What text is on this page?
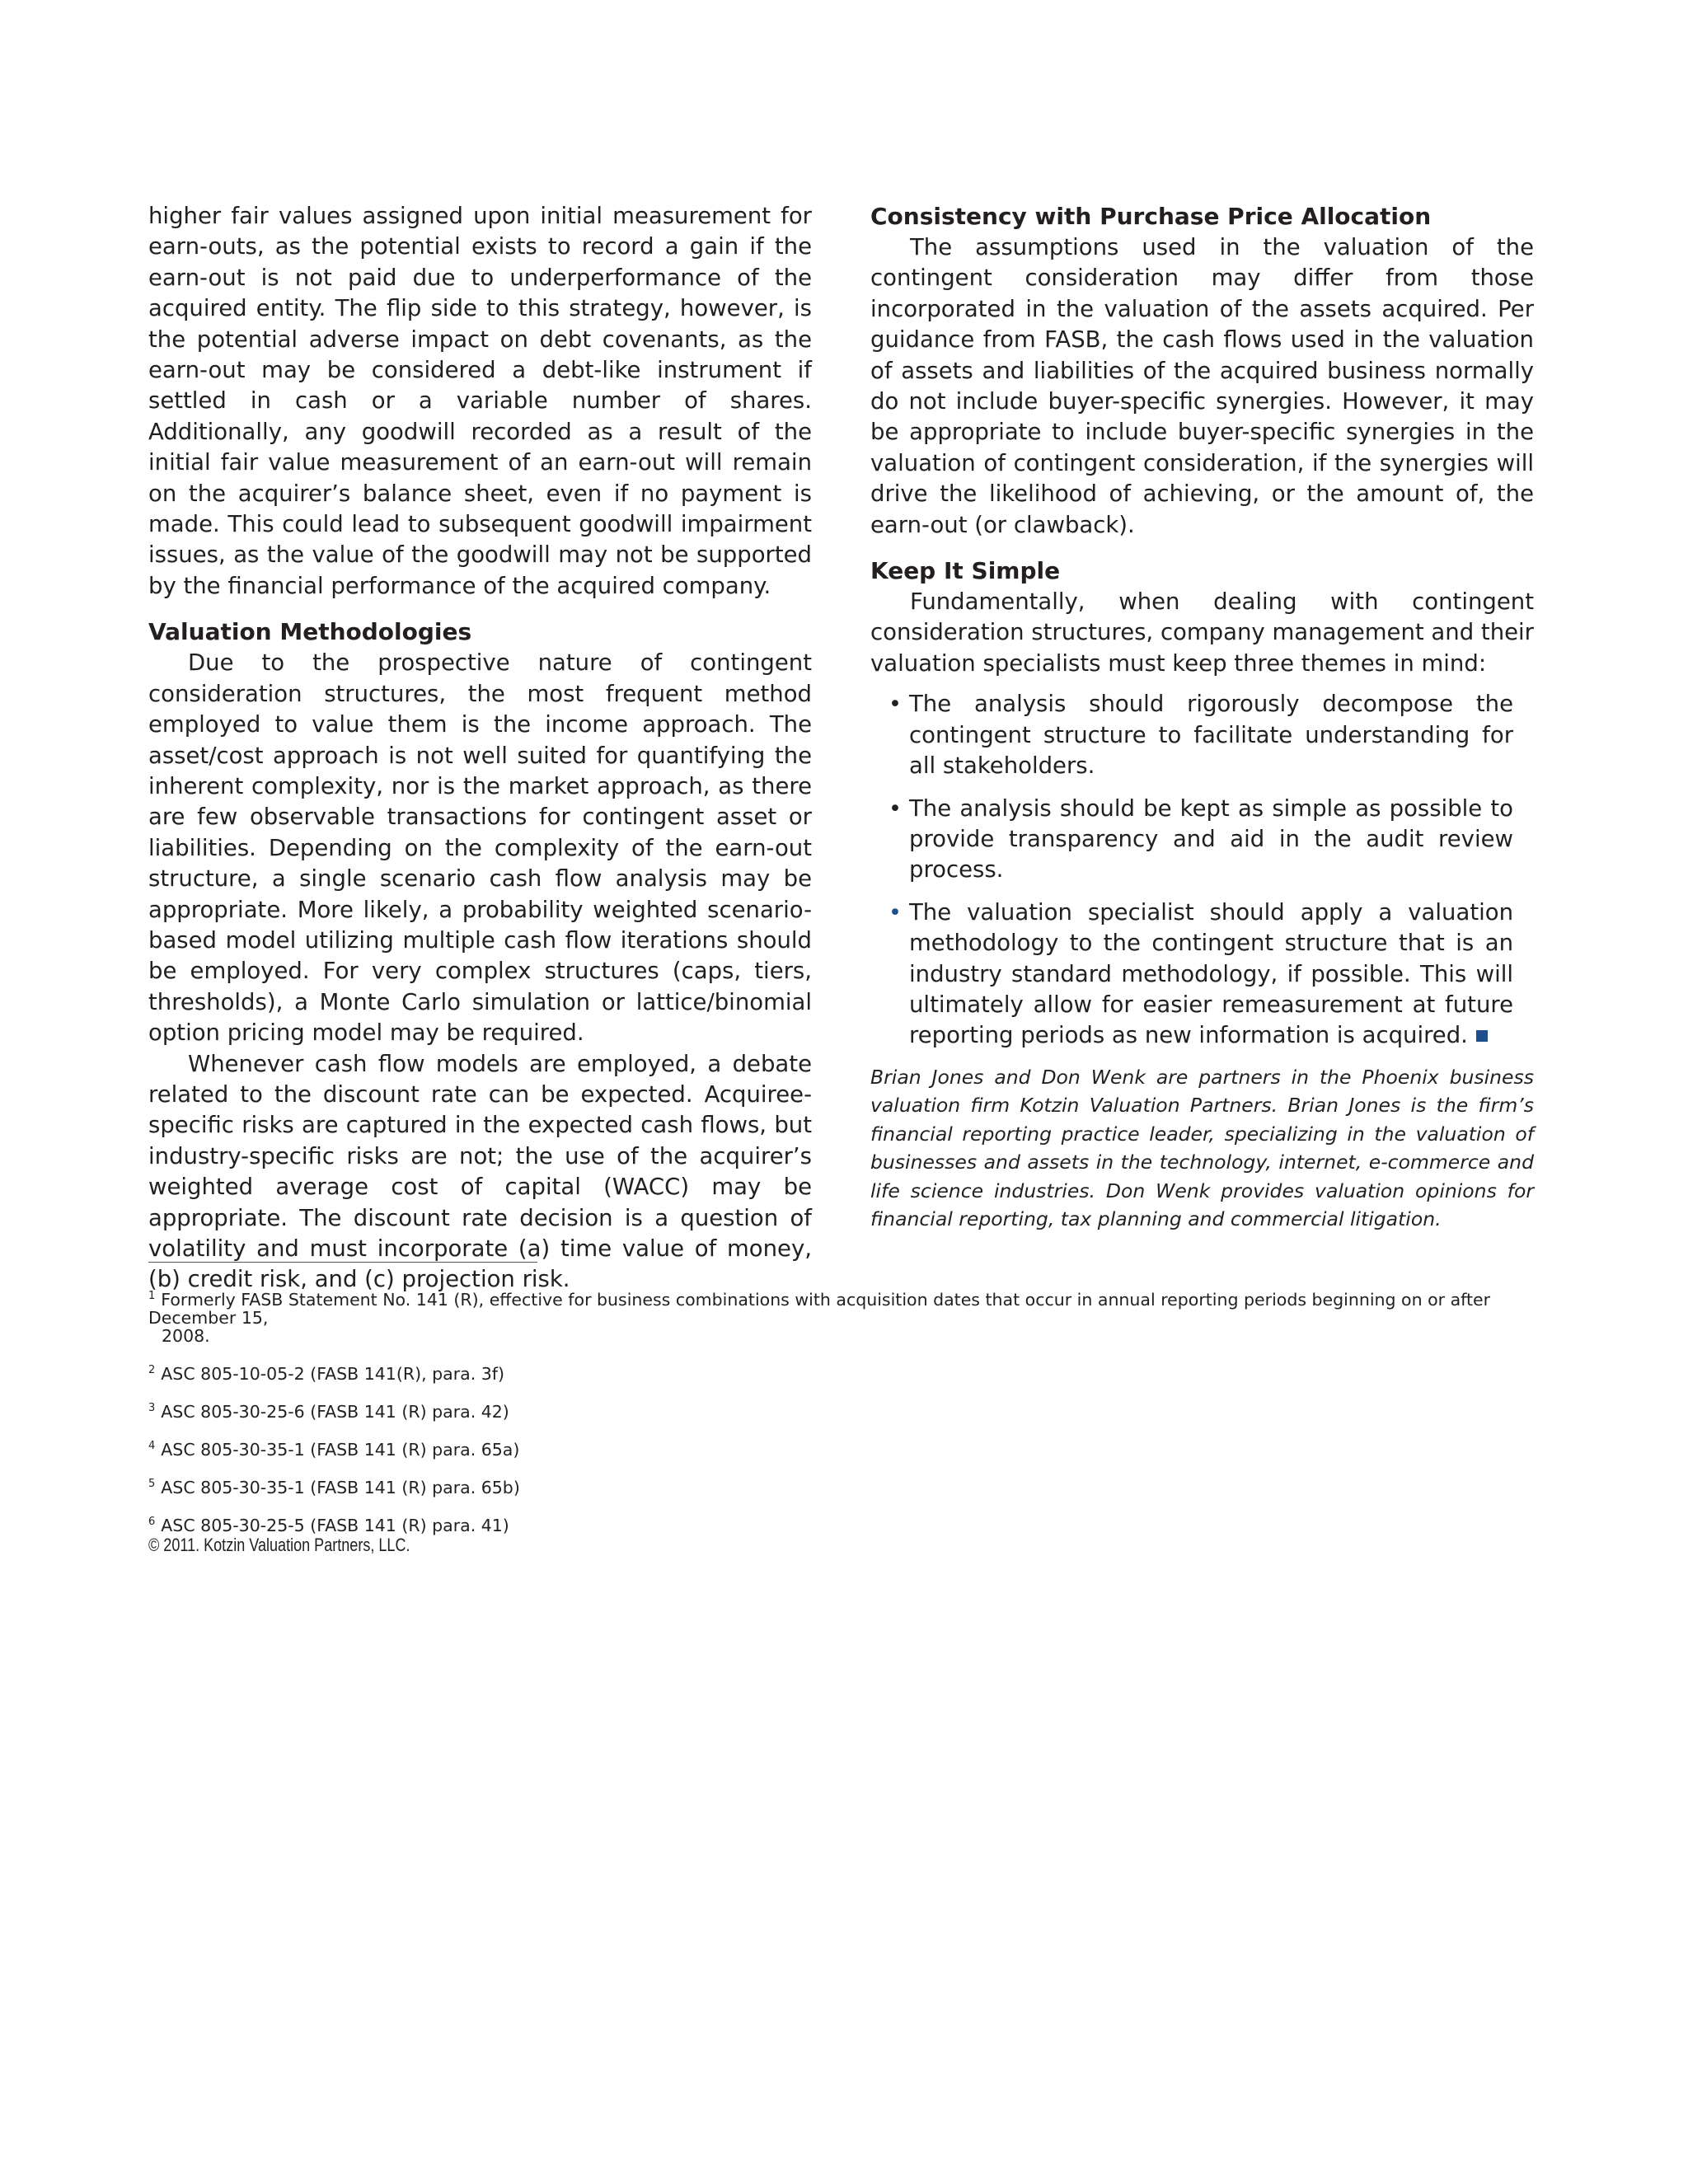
higher fair values assigned upon initial measurement for earn-outs, as the potential exists to record a gain if the earn-out is not paid due to underperformance of the acquired entity. The flip side to this strategy, however, is the potential adverse impact on debt covenants, as the earn-out may be considered a debt-like instrument if settled in cash or a variable number of shares. Additionally, any goodwill recorded as a result of the initial fair value measurement of an earn-out will remain on the acquirer’s balance sheet, even if no payment is made. This could lead to subsequent goodwill impairment issues, as the value of the goodwill may not be supported by the financial performance of the acquired company.

Valuation Methodologies

Due to the prospective nature of contingent consideration structures, the most frequent method employed to value them is the income approach. The asset/cost approach is not well suited for quantifying the inherent complexity, nor is the market approach, as there are few observable transactions for contingent asset or liabilities. Depending on the complexity of the earn-out structure, a single scenario cash flow analysis may be appropriate. More likely, a probability weighted scenario-based model utilizing multiple cash flow iterations should be employed. For very complex structures (caps, tiers, thresholds), a Monte Carlo simulation or lattice/binomial option pricing model may be required.

Whenever cash flow models are employed, a debate related to the discount rate can be expected. Acquiree-specific risks are captured in the expected cash flows, but industry-specific risks are not; the use of the acquirer’s weighted average cost of capital (WACC) may be appropriate. The discount rate decision is a question of volatility and must incorporate (a) time value of money, (b) credit risk, and (c) projection risk.

Consistency with Purchase Price Allocation

The assumptions used in the valuation of the contingent consideration may differ from those incorporated in the valuation of the assets acquired. Per guidance from FASB, the cash flows used in the valuation of assets and liabilities of the acquired business normally do not include buyer-specific synergies. However, it may be appropriate to include buyer-specific synergies in the valuation of contingent consideration, if the synergies will drive the likelihood of achieving, or the amount of, the earn-out (or clawback).

Keep It Simple

Fundamentally, when dealing with contingent consideration structures, company management and their valuation specialists must keep three themes in mind:

• The analysis should rigorously decompose the contingent structure to facilitate understanding for all stakeholders.
• The analysis should be kept as simple as possible to provide transparency and aid in the audit review process.
• The valuation specialist should apply a valuation methodology to the contingent structure that is an industry standard methodology, if possible. This will ultimately allow for easier remeasurement at future reporting periods as new information is acquired.

Brian Jones and Don Wenk are partners in the Phoenix business valuation firm Kotzin Valuation Partners. Brian Jones is the firm’s financial reporting practice leader, specializing in the valuation of businesses and assets in the technology, internet, e-commerce and life science industries. Don Wenk provides valuation opinions for financial reporting, tax planning and commercial litigation.

$^1$ Formerly FASB Statement No. 141 (R), effective for business combinations with acquisition dates that occur in annual reporting periods beginning on or after December 15,
2008.
$^2$ ASC 805-10-05-2 (FASB 141(R), para. 3f)
$^3$ ASC 805-30-25-6 (FASB 141 (R) para. 42)
$^4$ ASC 805-30-35-1 (FASB 141 (R) para. 65a)
$^5$ ASC 805-30-35-1 (FASB 141 (R) para. 65b)
$^6$ ASC 805-30-25-5 (FASB 141 (R) para. 41)
© 2011. Kotzin Valuation Partners, LLC.
